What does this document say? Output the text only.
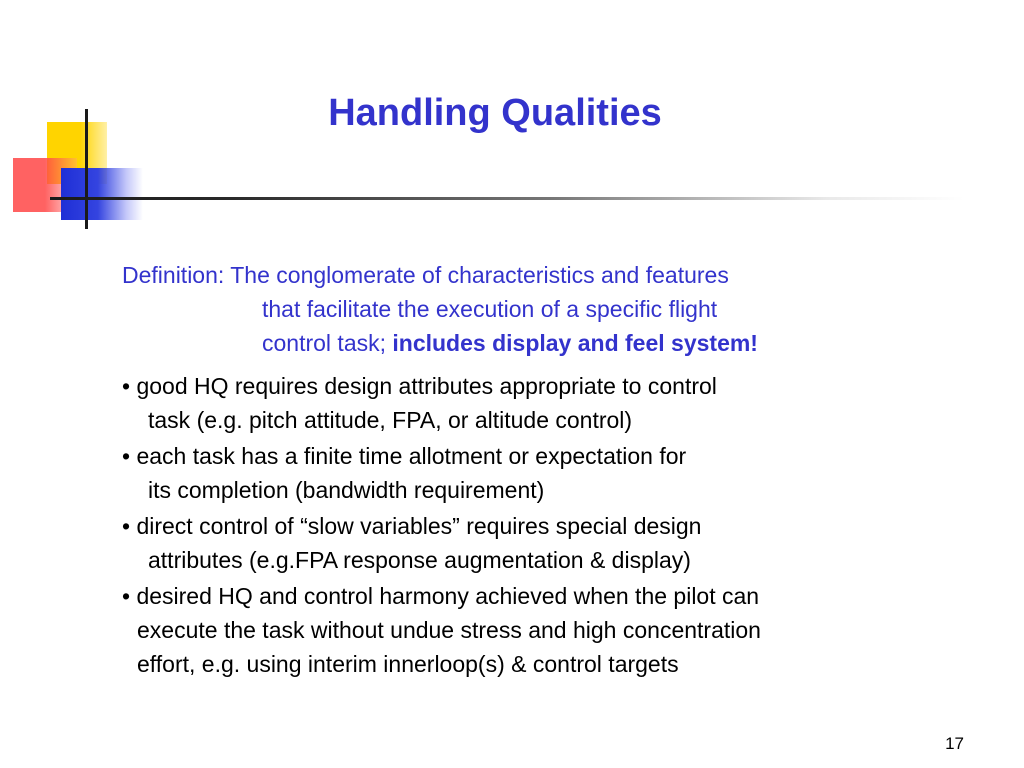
Handling Qualities
Definition: The conglomerate of characteristics and features
that facilitate the execution of a specific flight
control task; includes display and feel system!
• good HQ requires design attributes appropriate to control
task (e.g. pitch attitude, FPA, or altitude control)
• each task has a finite time allotment or expectation for
its completion (bandwidth requirement)
• direct control of “slow variables” requires special design
attributes (e.g.FPA response augmentation & display)
• desired HQ and control harmony achieved when the pilot can
execute the task without undue stress and high concentration
effort, e.g. using interim innerloop(s) & control targets
17
